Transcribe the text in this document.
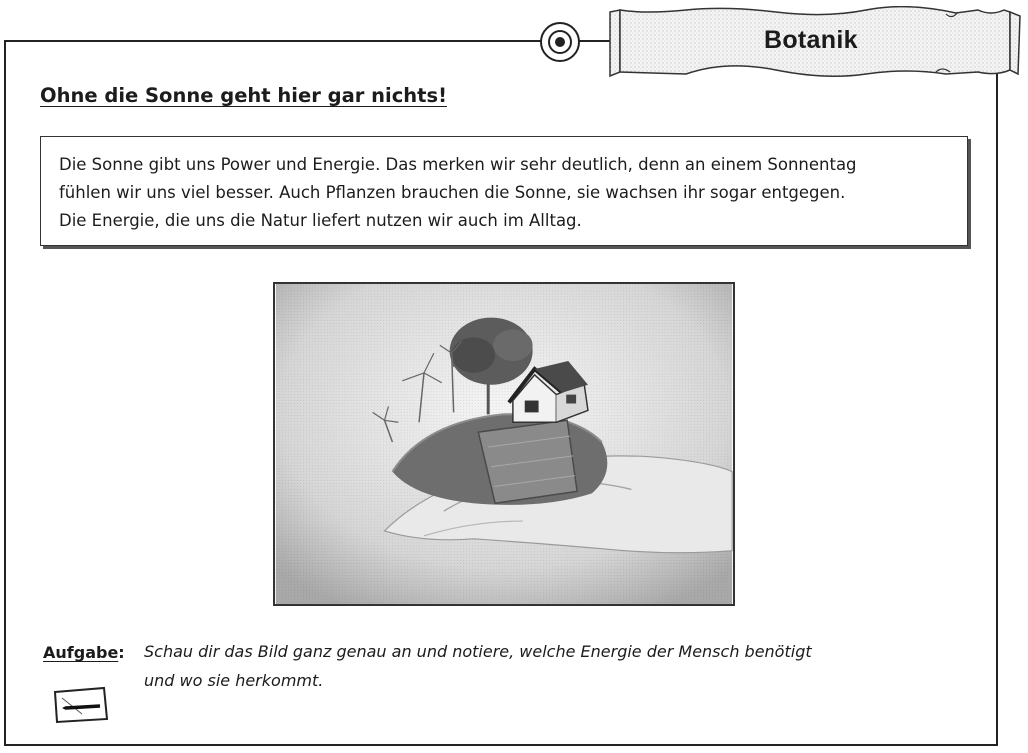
Botanik
Ohne die Sonne geht hier gar nichts!
Die Sonne gibt uns Power und Energie. Das merken wir sehr deutlich, denn an einem Sonnentag
fühlen wir uns viel besser. Auch Pflanzen brauchen die Sonne, sie wachsen ihr sogar entgegen.
Die Energie, die uns die Natur liefert nutzen wir auch im Alltag.
Aufgabe: Schau dir das Bild ganz genau an und notiere, welche Energie der Mensch benötigt
und wo sie herkommt.
